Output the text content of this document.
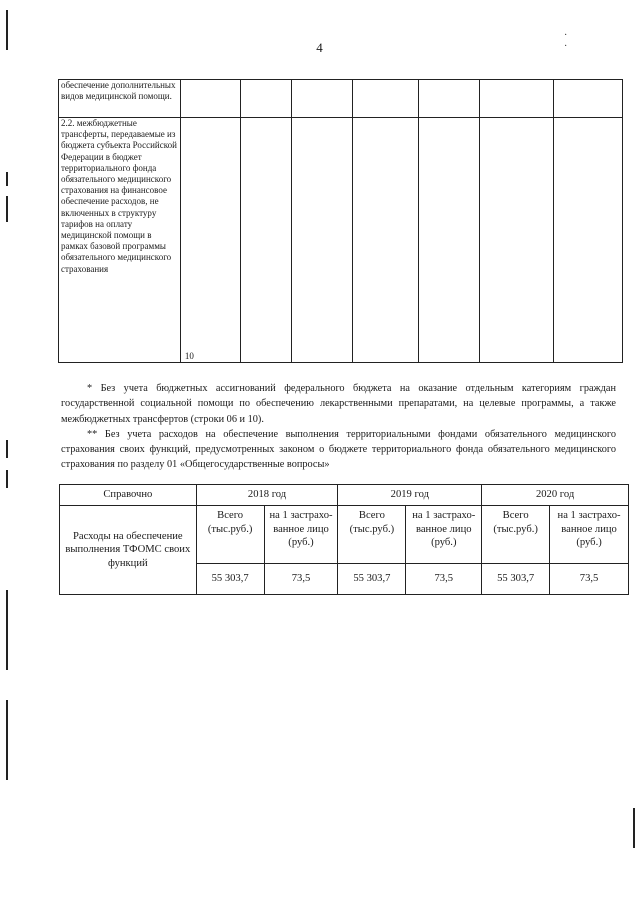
4
· ·
обеспечение дополнительных видов медицинской помощи.							
2.2. межбюджетные трансферты, передаваемые из бюджета субъекта Российской Федерации в бюджет территориального фонда обязательного медицинского страхования на финансовое обеспечение расходов, не включенных в структуру тарифов на оплату медицинской помощи в рамках базовой программы обязательного медицинского страхования	10						

* Без учета бюджетных ассигнований федерального бюджета на оказание отдельным категориям граждан государственной социальной помощи по обеспечению лекарственными препаратами, на целевые программы, а также межбюджетных трансфертов (строки 06 и 10).

** Без учета расходов на обеспечение выполнения территориальными фондами обязательного медицинского страхования своих функций, предусмотренных законом о бюджете территориального фонда обязательного медицинского страхования по разделу 01 «Общегосударственные вопросы»

Справочно	2018 год		2019 год		2020 год	
Расходы на обеспечение выполнения ТФОМС своих функций	Всего (тыс.руб.)	на 1 застрахо-ванное лицо (руб.)	Всего (тыс.руб.)	на 1 застрахо-ванное лицо (руб.)	Всего (тыс.руб.)	на 1 застрахо-ванное лицо (руб.)
	55 303,7	73,5	55 303,7	73,5	55 303,7	73,5
